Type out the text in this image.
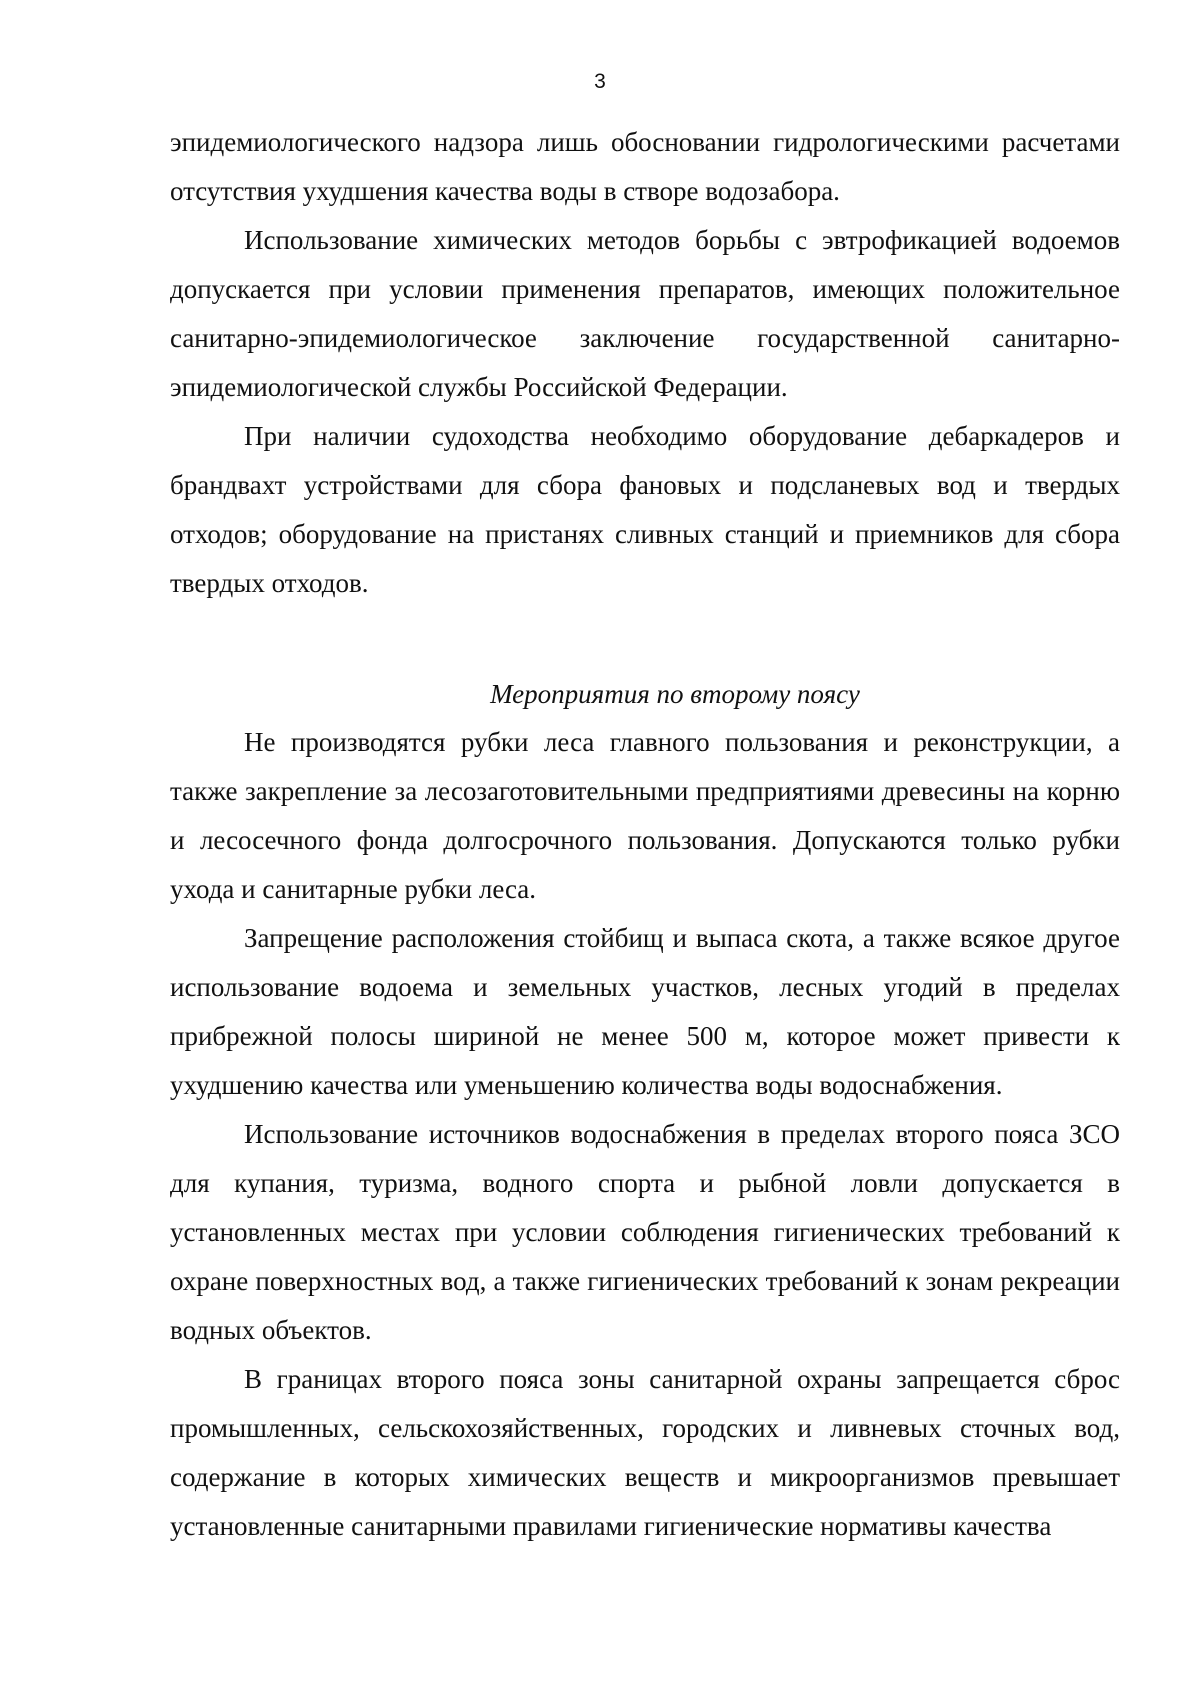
3

эпидемиологического надзора лишь обосновании гидрологическими расчетами отсутствия ухудшения качества воды в створе водозабора.

Использование химических методов борьбы с эвтрофикацией водоемов допускается при условии применения препаратов, имеющих положительное санитарно-эпидемиологическое заключение государственной санитарно-эпидемиологической службы Российской Федерации.

При наличии судоходства необходимо оборудование дебаркадеров и брандвахт устройствами для сбора фановых и подсланевых вод и твердых отходов; оборудование на пристанях сливных станций и приемников для сбора твердых отходов.

Мероприятия по второму поясу

Не производятся рубки леса главного пользования и реконструкции, а также закрепление за лесозаготовительными предприятиями древесины на корню и лесосечного фонда долгосрочного пользования. Допускаются только рубки ухода и санитарные рубки леса.

Запрещение расположения стойбищ и выпаса скота, а также всякое другое использование водоема и земельных участков, лесных угодий в пределах прибрежной полосы шириной не менее 500 м, которое может привести к ухудшению качества или уменьшению количества воды водоснабжения.

Использование источников водоснабжения в пределах второго пояса ЗСО для купания, туризма, водного спорта и рыбной ловли допускается в установленных местах при условии соблюдения гигиенических требований к охране поверхностных вод, а также гигиенических требований к зонам рекреации водных объектов.

В границах второго пояса зоны санитарной охраны запрещается сброс промышленных, сельскохозяйственных, городских и ливневых сточных вод, содержание в которых химических веществ и микроорганизмов превышает установленные санитарными правилами гигиенические нормативы качества
